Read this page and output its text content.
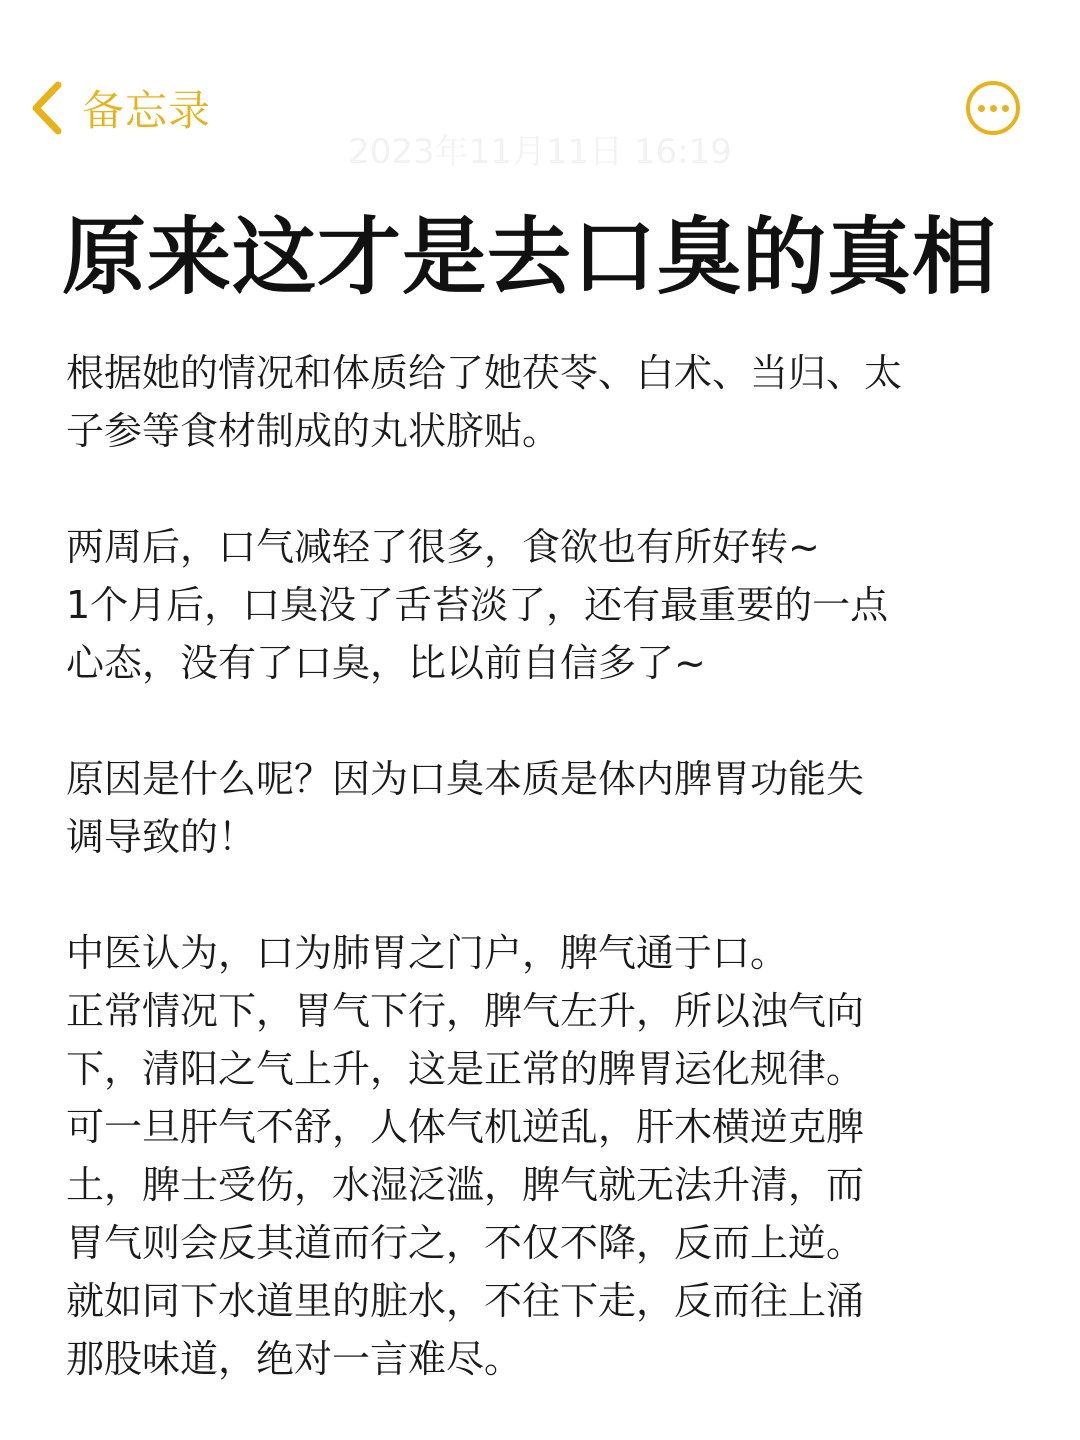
备忘录
2023年11月11日 16:19
原来这才是去口臭的真相
根据她的情况和体质给了她茯苓、白术、当归、太
子参等食材制成的丸状脐贴。
两周后，口气减轻了很多，食欲也有所好转~
1个月后，口臭没了舌苔淡了，还有最重要的一点
心态，没有了口臭，比以前自信多了~
原因是什么呢？因为口臭本质是体内脾胃功能失
调导致的！
中医认为，口为肺胃之门户，脾气通于口。
正常情况下，胃气下行，脾气左升，所以浊气向
下，清阳之气上升，这是正常的脾胃运化规律。
可一旦肝气不舒，人体气机逆乱，肝木横逆克脾
土，脾士受伤，水湿泛滥，脾气就无法升清，而
胃气则会反其道而行之，不仅不降，反而上逆。
就如同下水道里的脏水，不往下走，反而往上涌
那股味道，绝对一言难尽。
